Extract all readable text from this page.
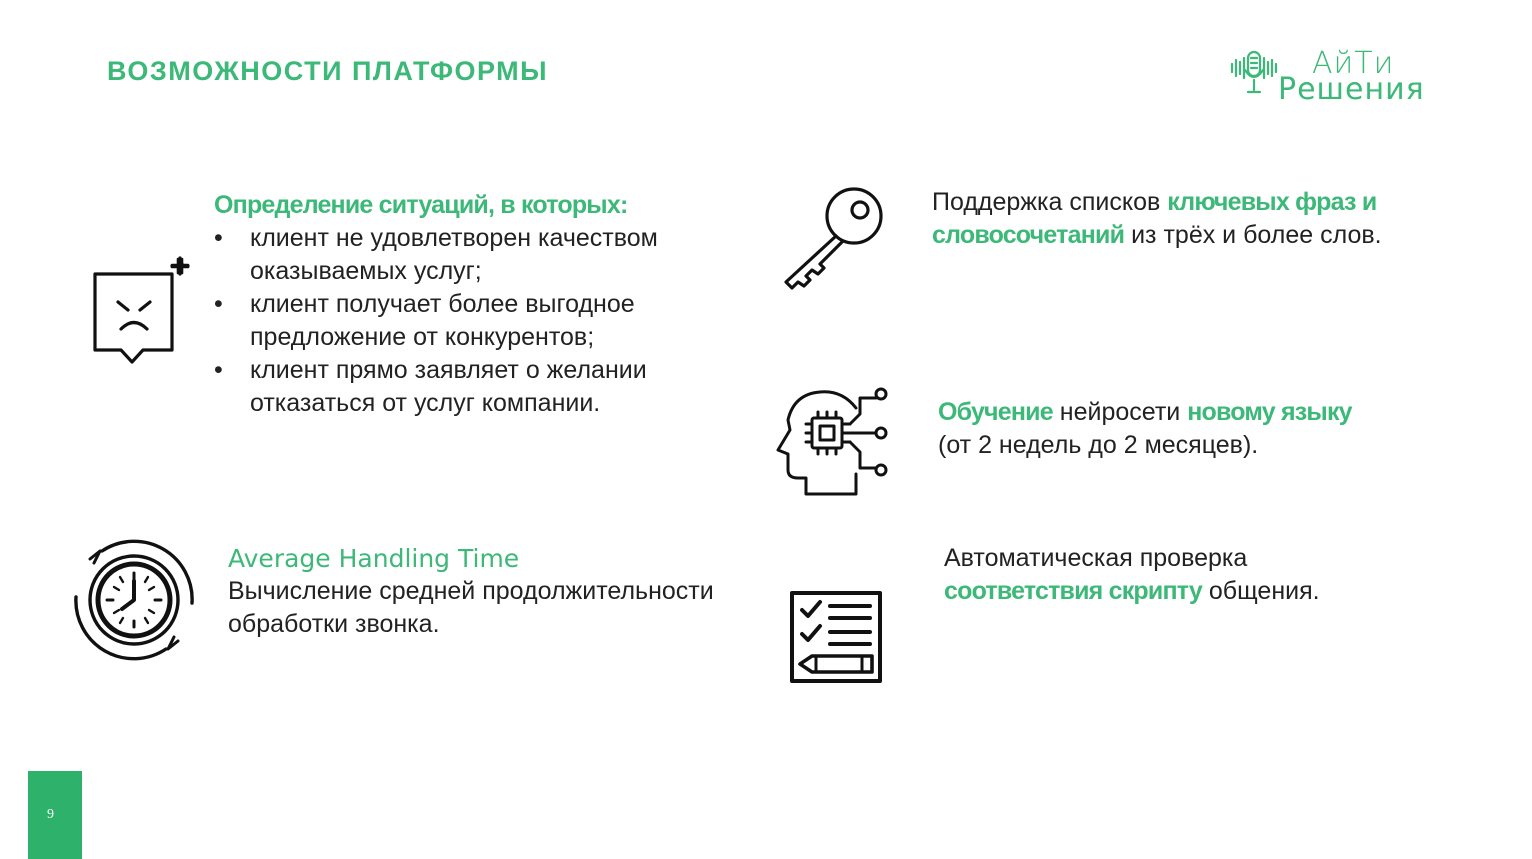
ВОЗМОЖНОСТИ ПЛАТФОРМЫ	АйТи
Решения
Определение ситуаций, в которых:
• клиент не удовлетворен качеством оказываемых услуг;
• клиент получает более выгодное предложение от конкурентов;
• клиент прямо заявляет о желании отказаться от услуг компании.
Поддержка списков ключевых фраз и словосочетаний из трёх и более слов.
Обучение нейросети новому языку
(от 2 недель до 2 месяцев).
Average Handling Time
Вычисление средней продолжительности обработки звонка.
Автоматическая проверка соответствия скрипту общения.
9
